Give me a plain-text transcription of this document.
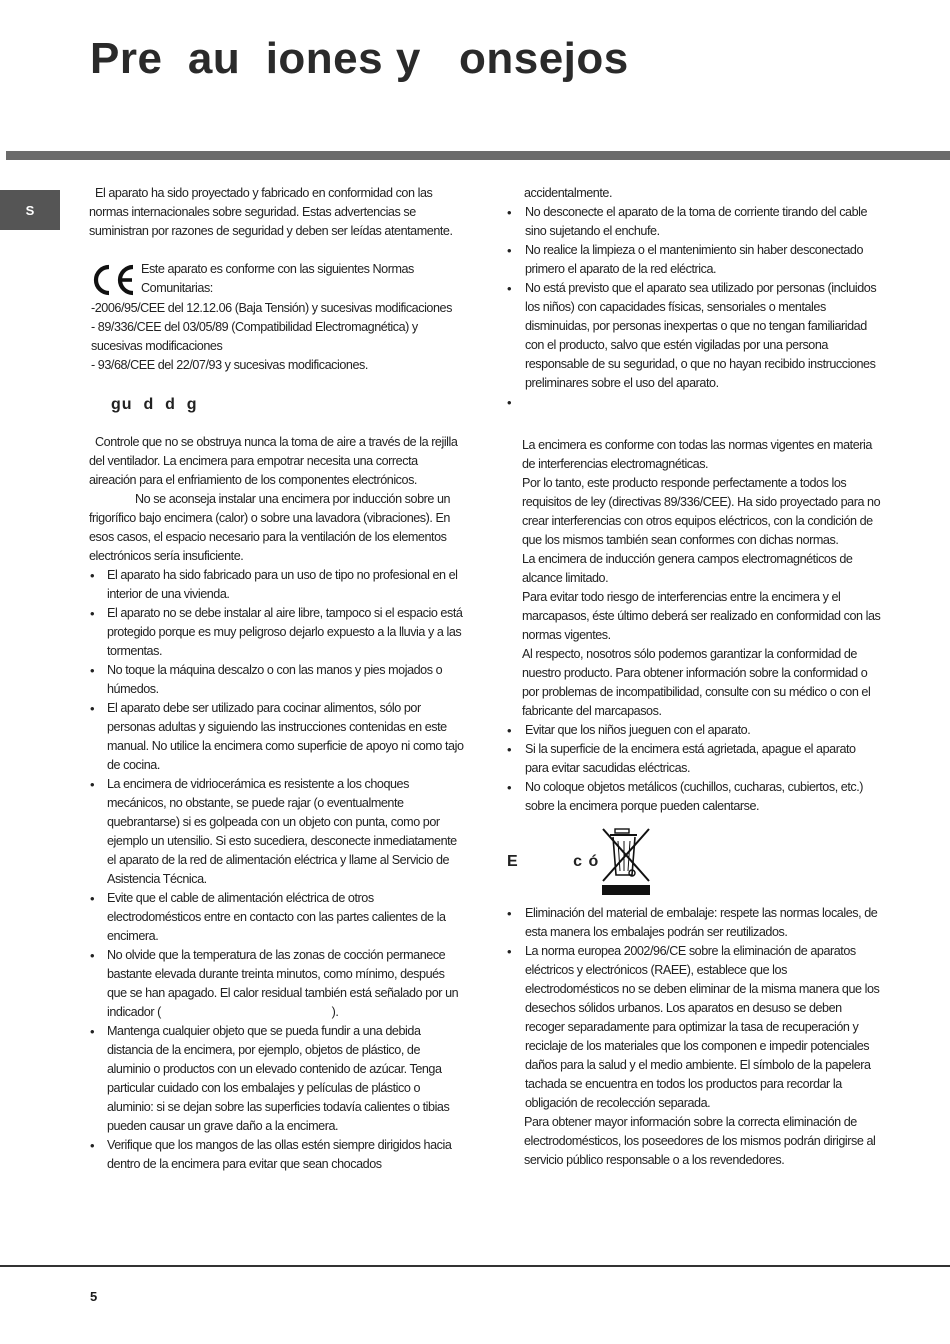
Pre  au  iones y   onsejos
S

El aparato ha sido proyectado y fabricado en conformidad con las normas internacionales sobre seguridad. Estas advertencias se suministran por razones de seguridad y deben ser leídas atentamente.

Este aparato es conforme con las siguientes Normas Comunitarias:

-2006/95/CEE del 12.12.06 (Baja Tensión) y sucesivas modificaciones

- 89/336/CEE del 03/05/89 (Compatibilidad Electromagnética) y sucesivas modificaciones

- 93/68/CEE del 22/07/93 y sucesivas modificaciones.

gu  d  d  g

Controle que no se obstruya nunca la toma de aire a través de la rejilla del ventilador. La encimera para empotrar necesita una correcta aireación para el enfriamiento de los componentes electrónicos.

No se aconseja instalar una encimera por inducción sobre un frigorífico bajo encimera (calor) o sobre una lavadora (vibraciones). En esos casos, el espacio necesario para la ventilación de los elementos electrónicos sería insuficiente.

• El aparato ha sido fabricado para un uso de tipo no profesional en el interior de una vivienda.
• El aparato no se debe instalar al aire libre, tampoco si el espacio está protegido porque es muy peligroso dejarlo expuesto a la lluvia y a las tormentas.
• No toque la máquina descalzo o con las manos y pies mojados o húmedos.
• El aparato debe ser utilizado para cocinar alimentos, sólo por personas adultas y siguiendo las instrucciones contenidas en este manual. No utilice la encimera como superficie de apoyo ni como tajo de cocina.
• La encimera de vidriocerámica es resistente a los choques mecánicos, no obstante, se puede rajar (o eventualmente quebrantarse) si es golpeada con un objeto con punta, como por ejemplo un utensilio. Si esto sucediera, desconecte inmediatamente el aparato de la red de alimentación eléctrica y llame al Servicio de Asistencia Técnica.
• Evite que el cable de alimentación eléctrica de otros electrodomésticos entre en contacto con las partes calientes de la encimera.
• No olvide que la temperatura de las zonas de cocción permanece bastante elevada durante treinta minutos, como mínimo, después que se han apagado. El calor residual también está señalado por un indicador (                                                        ).
• Mantenga cualquier objeto que se pueda fundir a una debida distancia de la encimera, por ejemplo, objetos de plástico, de aluminio o productos con un elevado contenido de azúcar. Tenga particular cuidado con los embalajes y películas de plástico o aluminio: si se dejan sobre las superficies todavía calientes o tibias pueden causar un grave daño a la encimera.
• Verifique que los mangos de las ollas estén siempre dirigidos hacia dentro de la encimera para evitar que sean chocados

accidentalmente.

• No desconecte el aparato de la toma de corriente tirando del cable sino sujetando el enchufe.
• No realice la limpieza o el mantenimiento sin haber desconectado primero el aparato de la red eléctrica.
• No está previsto que el aparato sea utilizado por personas (incluidos los niños) con capacidades físicas, sensoriales o mentales disminuidas, por personas inexpertas o que no tengan familiaridad con el producto, salvo que estén vigiladas por una persona responsable de su seguridad, o que no hayan recibido instrucciones preliminares sobre el uso del aparato.
•

La encimera es conforme con todas las normas vigentes en materia de interferencias electromagnéticas.

Por lo tanto, este producto responde perfectamente a todos los requisitos de ley (directivas 89/336/CEE). Ha sido proyectado para no crear interferencias con otros equipos eléctricos, con la condición de que los mismos también sean conformes con dichas normas.

La encimera de inducción genera campos electromagnéticos de alcance limitado.

Para evitar todo riesgo de interferencias entre la encimera y el marcapasos, éste último deberá ser realizado en conformidad con las normas vigentes.

Al respecto, nosotros sólo podemos garantizar la conformidad de nuestro producto. Para obtener información sobre la conformidad o por problemas de incompatibilidad, consulte con su médico o con el fabricante del marcapasos.

• Evitar que los niños jueguen con el aparato.
• Si la superficie de la encimera está agrietada, apague el aparato para evitar sacudidas eléctricas.
• No coloque objetos metálicos (cuchillos, cucharas, cubiertos, etc.) sobre la encimera porque pueden calentarse.
E          c ó
• Eliminación del material de embalaje: respete las normas locales, de esta manera los embalajes podrán ser reutilizados.
• La norma europea 2002/96/CE sobre la eliminación de aparatos eléctricos y electrónicos (RAEE), establece que los electrodomésticos no se deben eliminar de la misma manera que los desechos sólidos urbanos. Los aparatos en desuso se deben recoger separadamente para optimizar la tasa de recuperación y reciclaje de los materiales que los componen e impedir potenciales daños para la salud y el medio ambiente. El símbolo de la papelera tachada se encuentra en todos los productos para recordar la obligación de recolección separada.

Para obtener mayor información sobre la correcta eliminación de electrodomésticos, los poseedores de los mismos podrán dirigirse al servicio público responsable o a los revendedores.

5
